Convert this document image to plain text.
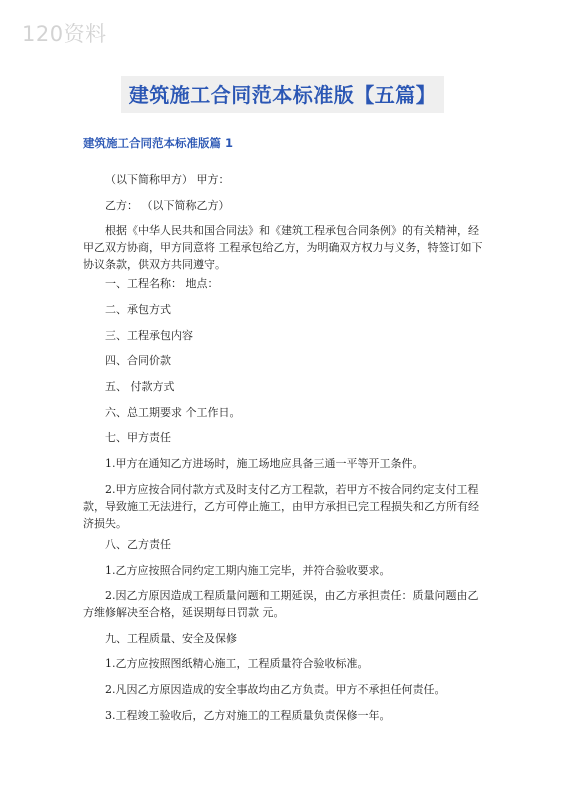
120资料
建筑施工合同范本标准版【五篇】
建筑施工合同范本标准版篇 1

（以下简称甲方） 甲方：

乙方： （以下简称乙方）

根据《中华人民共和国合同法》和《建筑工程承包合同条例》的有关精神，经甲乙双方协商，甲方同意将 工程承包给乙方，为明确双方权力与义务，特签订如下协议条款，供双方共同遵守。

一、工程名称： 地点：

二、承包方式

三、工程承包内容

四、合同价款

五、 付款方式

六、总工期要求 个工作日。

七、甲方责任

1.甲方在通知乙方进场时，施工场地应具备三通一平等开工条件。

2.甲方应按合同付款方式及时支付乙方工程款，若甲方不按合同约定支付工程款，导致施工无法进行，乙方可停止施工，由甲方承担已完工程损失和乙方所有经济损失。

八、乙方责任

1.乙方应按照合同约定工期内施工完毕，并符合验收要求。

2.因乙方原因造成工程质量问题和工期延误，由乙方承担责任：质量问题由乙方维修解决至合格，延误期每日罚款 元。

九、工程质量、安全及保修

1.乙方应按照图纸精心施工，工程质量符合验收标准。

2.凡因乙方原因造成的安全事故均由乙方负责。甲方不承担任何责任。

3.工程竣工验收后，乙方对施工的工程质量负责保修一年。
